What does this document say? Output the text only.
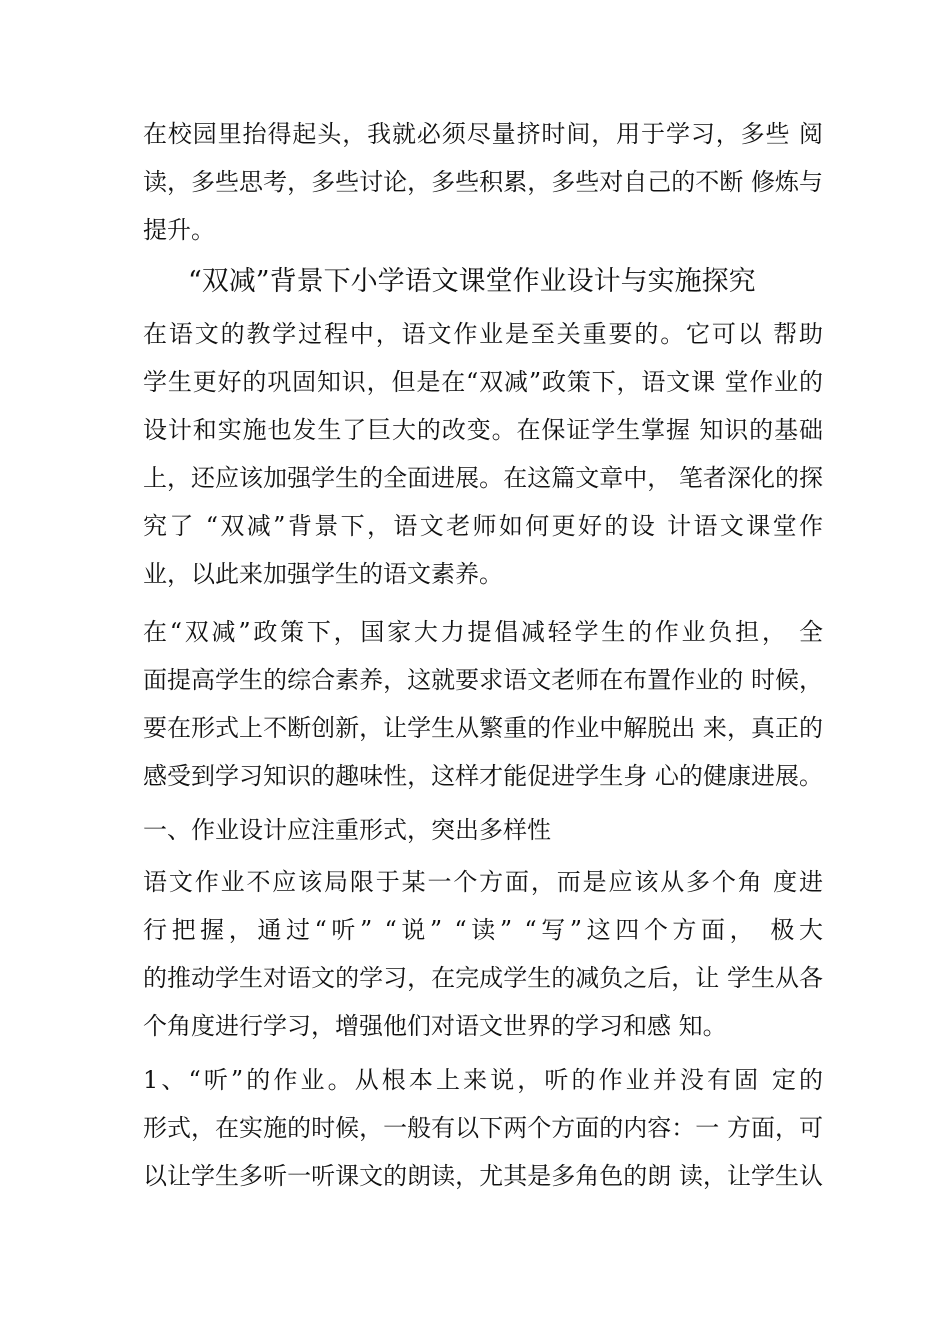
在校园里抬得起头，我就必须尽量挤时间，用于学习，多些 阅
读，多些思考，多些讨论，多些积累，多些对自己的不断 修炼与
提升。
“双减”背景下小学语文课堂作业设计与实施探究
在语文的教学过程中，语文作业是至关重要的。它可以 帮助
学生更好的巩固知识，但是在“双减”政策下，语文课 堂作业的
设计和实施也发生了巨大的改变。在保证学生掌握 知识的基础
上，还应该加强学生的全面进展。在这篇文章中， 笔者深化的探
究了 “双减”背景下，语文老师如何更好的设 计语文课堂作
业，以此来加强学生的语文素养。
在“双减”政策下，国家大力提倡减轻学生的作业负担， 全
面提高学生的综合素养，这就要求语文老师在布置作业的 时候，
要在形式上不断创新，让学生从繁重的作业中解脱出 来，真正的
感受到学习知识的趣味性，这样才能促进学生身 心的健康进展。
一、作业设计应注重形式，突出多样性
语文作业不应该局限于某一个方面，而是应该从多个角 度进
行把握，通过“听” “说” “读” “写”这四个方面， 极大
的推动学生对语文的学习，在完成学生的减负之后，让 学生从各
个角度进行学习，增强他们对语文世界的学习和感 知。
1、“听”的作业。从根本上来说，听的作业并没有固 定的
形式，在实施的时候，一般有以下两个方面的内容：一 方面，可
以让学生多听一听课文的朗读，尤其是多角色的朗 读，让学生认
